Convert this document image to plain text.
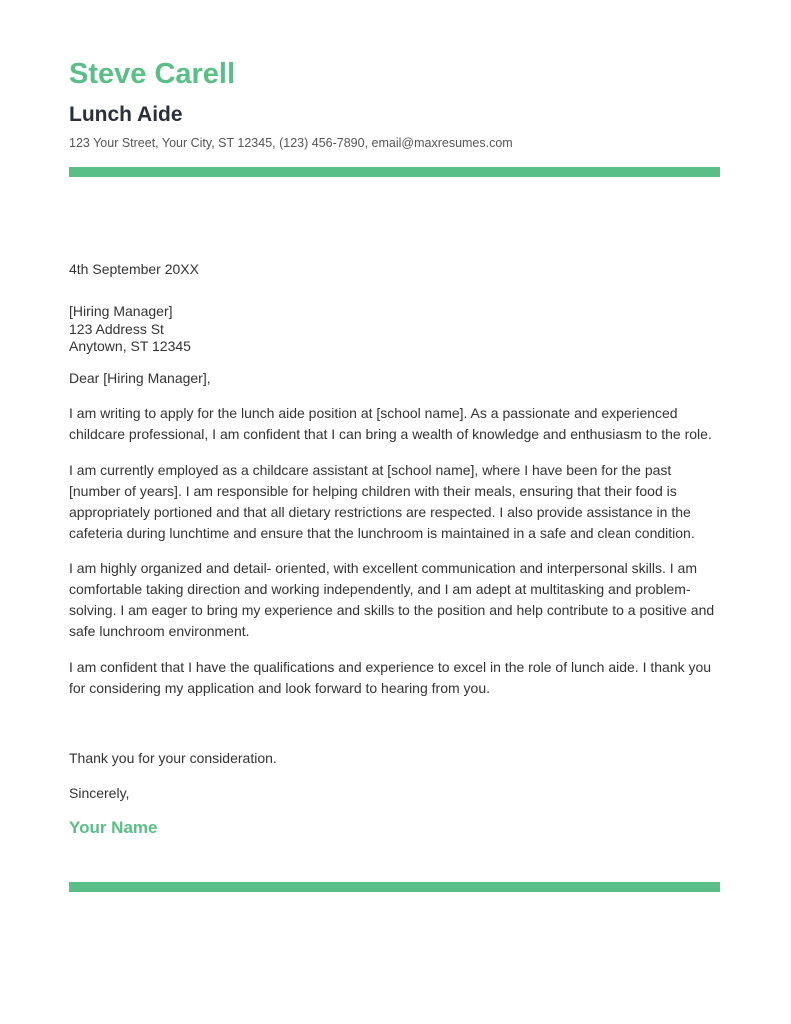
Steve Carell
Lunch Aide
123 Your Street, Your City, ST 12345, (123) 456-7890, email@maxresumes.com
4th September 20XX
[Hiring Manager]
123 Address St
Anytown, ST 12345
Dear [Hiring Manager],

I am writing to apply for the lunch aide position at [school name]. As a passionate and experienced childcare professional, I am confident that I can bring a wealth of knowledge and enthusiasm to the role.

I am currently employed as a childcare assistant at [school name], where I have been for the past [number of years]. I am responsible for helping children with their meals, ensuring that their food is appropriately portioned and that all dietary restrictions are respected. I also provide assistance in the cafeteria during lunchtime and ensure that the lunchroom is maintained in a safe and clean condition.

I am highly organized and detail- oriented, with excellent communication and interpersonal skills. I am comfortable taking direction and working independently, and I am adept at multitasking and problem-solving. I am eager to bring my experience and skills to the position and help contribute to a positive and safe lunchroom environment.

I am confident that I have the qualifications and experience to excel in the role of lunch aide. I thank you for considering my application and look forward to hearing from you.

Thank you for your consideration.
Sincerely,
Your Name
